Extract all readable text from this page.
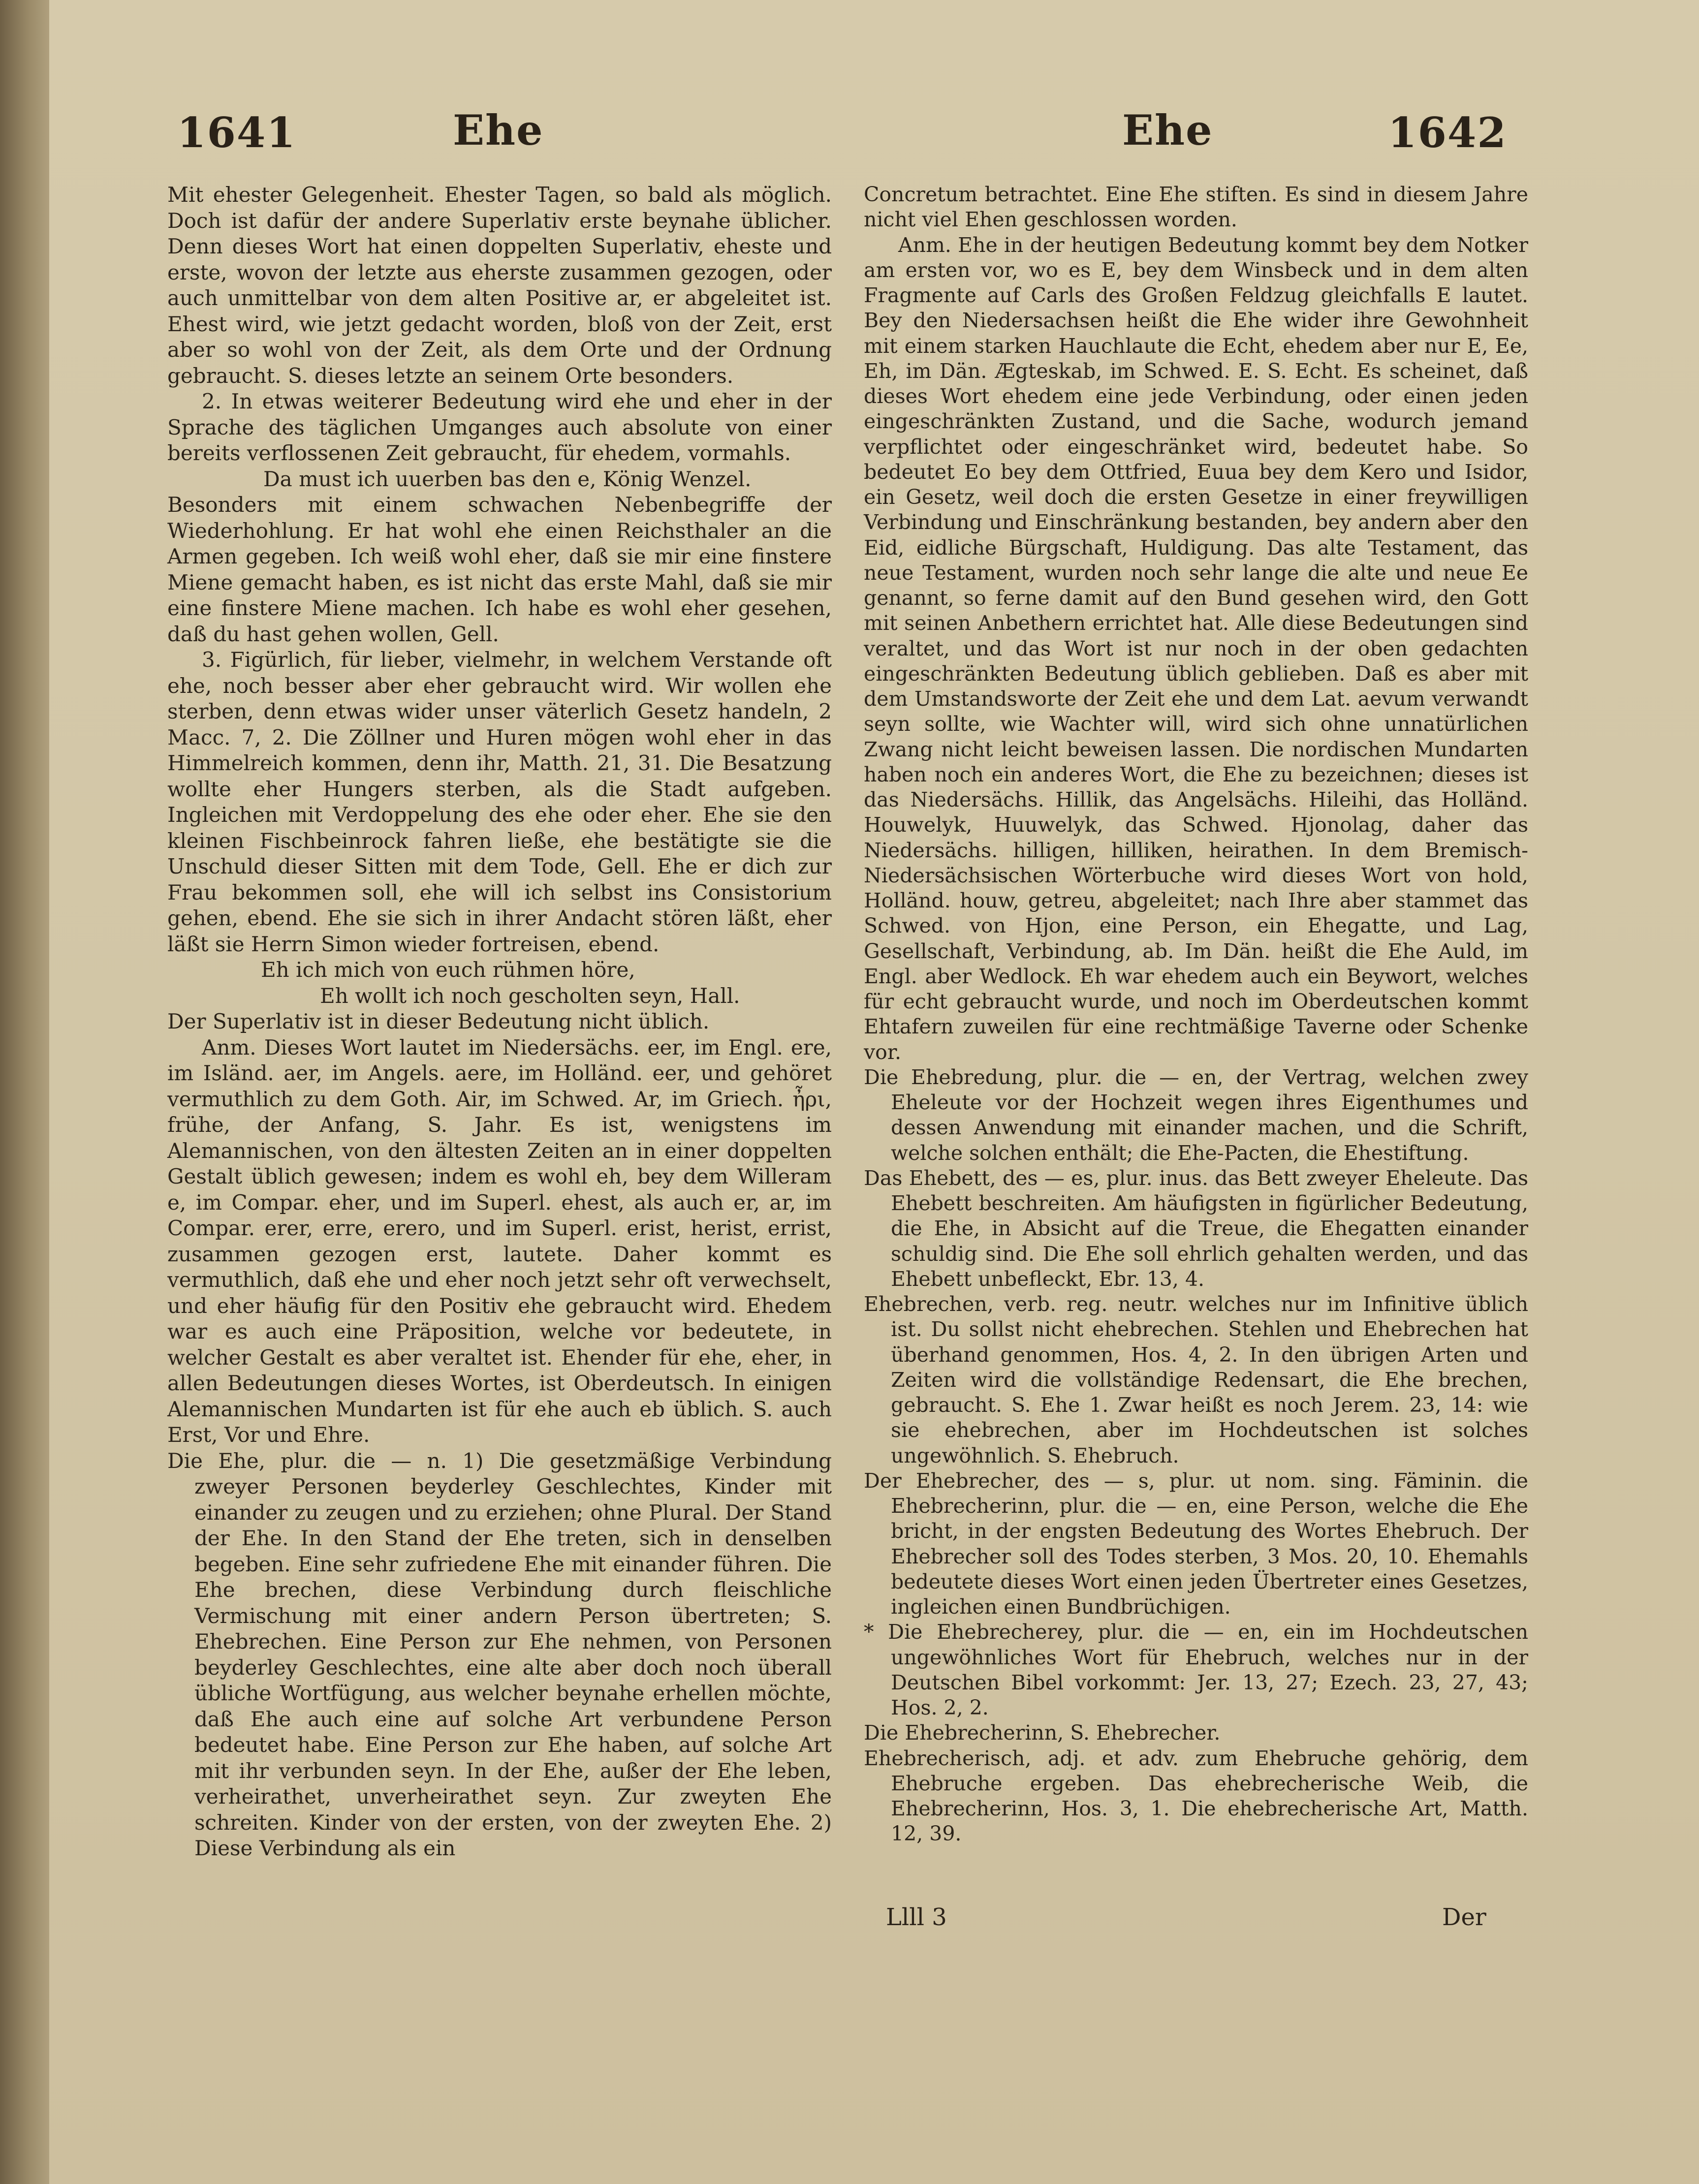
1641	Ehe	Ehe	1642

Mit ehester Gelegenheit. Ehester Tagen, so bald als möglich. Doch ist dafür der andere Superlativ erste beynahe üblicher. Denn dieses Wort hat einen doppelten Superlativ, eheste und erste, wovon der letzte aus eherste zusammen gezogen, oder auch unmittelbar von dem alten Positive ar, er abgeleitet ist. Ehest wird, wie jetzt gedacht worden, bloß von der Zeit, erst aber so wohl von der Zeit, als dem Orte und der Ordnung gebraucht. S. dieses letzte an seinem Orte besonders.

2. In etwas weiterer Bedeutung wird ehe und eher in der Sprache des täglichen Umganges auch absolute von einer bereits verflossenen Zeit gebraucht, für ehedem, vormahls.

Da must ich uuerben bas den e, König Wenzel.

Besonders mit einem schwachen Nebenbegriffe der Wiederhohlung. Er hat wohl ehe einen Reichsthaler an die Armen gegeben. Ich weiß wohl eher, daß sie mir eine finstere Miene gemacht haben, es ist nicht das erste Mahl, daß sie mir eine finstere Miene machen. Ich habe es wohl eher gesehen, daß du hast gehen wollen, Gell.

3. Figürlich, für lieber, vielmehr, in welchem Verstande oft ehe, noch besser aber eher gebraucht wird. Wir wollen ehe sterben, denn etwas wider unser väterlich Gesetz handeln, 2 Macc. 7, 2. Die Zöllner und Huren mögen wohl eher in das Himmelreich kommen, denn ihr, Matth. 21, 31. Die Besatzung wollte eher Hungers sterben, als die Stadt aufgeben. Ingleichen mit Verdoppelung des ehe oder eher. Ehe sie den kleinen Fischbeinrock fahren ließe, ehe bestätigte sie die Unschuld dieser Sitten mit dem Tode, Gell. Ehe er dich zur Frau bekommen soll, ehe will ich selbst ins Consistorium gehen, ebend. Ehe sie sich in ihrer Andacht stören läßt, eher läßt sie Herrn Simon wieder fortreisen, ebend.

Eh ich mich von euch rühmen höre,

Eh wollt ich noch gescholten seyn, Hall.

Der Superlativ ist in dieser Bedeutung nicht üblich.

Anm. Dieses Wort lautet im Niedersächs. eer, im Engl. ere, im Isländ. aer, im Angels. aere, im Holländ. eer, und gehöret vermuthlich zu dem Goth. Air, im Schwed. Ar, im Griech. ἦρι, frühe, der Anfang, S. Jahr. Es ist, wenigstens im Alemannischen, von den ältesten Zeiten an in einer doppelten Gestalt üblich gewesen; indem es wohl eh, bey dem Willeram e, im Compar. eher, und im Superl. ehest, als auch er, ar, im Compar. erer, erre, erero, und im Superl. erist, herist, errist, zusammen gezogen erst, lautete. Daher kommt es vermuthlich, daß ehe und eher noch jetzt sehr oft verwechselt, und eher häufig für den Positiv ehe gebraucht wird. Ehedem war es auch eine Präposition, welche vor bedeutete, in welcher Gestalt es aber veraltet ist. Ehender für ehe, eher, in allen Bedeutungen dieses Wortes, ist Oberdeutsch. In einigen Alemannischen Mundarten ist für ehe auch eb üblich. S. auch Erst, Vor und Ehre.

Die Ehe, plur. die — n. 1) Die gesetzmäßige Verbindung zweyer Personen beyderley Geschlechtes, Kinder mit einander zu zeugen und zu erziehen; ohne Plural. Der Stand der Ehe. In den Stand der Ehe treten, sich in denselben begeben. Eine sehr zufriedene Ehe mit einander führen. Die Ehe brechen, diese Verbindung durch fleischliche Vermischung mit einer andern Person übertreten; S. Ehebrechen. Eine Person zur Ehe nehmen, von Personen beyderley Geschlechtes, eine alte aber doch noch überall übliche Wortfügung, aus welcher beynahe erhellen möchte, daß Ehe auch eine auf solche Art verbundene Person bedeutet habe. Eine Person zur Ehe haben, auf solche Art mit ihr verbunden seyn. In der Ehe, außer der Ehe leben, verheirathet, unverheirathet seyn. Zur zweyten Ehe schreiten. Kinder von der ersten, von der zweyten Ehe. 2) Diese Verbindung als ein

Concretum betrachtet. Eine Ehe stiften. Es sind in diesem Jahre nicht viel Ehen geschlossen worden.

Anm. Ehe in der heutigen Bedeutung kommt bey dem Notker am ersten vor, wo es E, bey dem Winsbeck und in dem alten Fragmente auf Carls des Großen Feldzug gleichfalls E lautet. Bey den Niedersachsen heißt die Ehe wider ihre Gewohnheit mit einem starken Hauchlaute die Echt, ehedem aber nur E, Ee, Eh, im Dän. Ægteskab, im Schwed. E. S. Echt. Es scheinet, daß dieses Wort ehedem eine jede Verbindung, oder einen jeden eingeschränkten Zustand, und die Sache, wodurch jemand verpflichtet oder eingeschränket wird, bedeutet habe. So bedeutet Eo bey dem Ottfried, Euua bey dem Kero und Isidor, ein Gesetz, weil doch die ersten Gesetze in einer freywilligen Verbindung und Einschränkung bestanden, bey andern aber den Eid, eidliche Bürgschaft, Huldigung. Das alte Testament, das neue Testament, wurden noch sehr lange die alte und neue Ee genannt, so ferne damit auf den Bund gesehen wird, den Gott mit seinen Anbethern errichtet hat. Alle diese Bedeutungen sind veraltet, und das Wort ist nur noch in der oben gedachten eingeschränkten Bedeutung üblich geblieben. Daß es aber mit dem Umstandsworte der Zeit ehe und dem Lat. aevum verwandt seyn sollte, wie Wachter will, wird sich ohne unnatürlichen Zwang nicht leicht beweisen lassen. Die nordischen Mundarten haben noch ein anderes Wort, die Ehe zu bezeichnen; dieses ist das Niedersächs. Hillik, das Angelsächs. Hileihi, das Holländ. Houwelyk, Huuwelyk, das Schwed. Hjonolag, daher das Niedersächs. hilligen, hilliken, heirathen. In dem Bremisch-Niedersächsischen Wörterbuche wird dieses Wort von hold, Holländ. houw, getreu, abgeleitet; nach Ihre aber stammet das Schwed. von Hjon, eine Person, ein Ehegatte, und Lag, Gesellschaft, Verbindung, ab. Im Dän. heißt die Ehe Auld, im Engl. aber Wedlock. Eh war ehedem auch ein Beywort, welches für echt gebraucht wurde, und noch im Oberdeutschen kommt Ehtafern zuweilen für eine rechtmäßige Taverne oder Schenke vor.

Die Ehebredung, plur. die — en, der Vertrag, welchen zwey Eheleute vor der Hochzeit wegen ihres Eigenthumes und dessen Anwendung mit einander machen, und die Schrift, welche solchen enthält; die Ehe-Pacten, die Ehestiftung.

Das Ehebett, des — es, plur. inus. das Bett zweyer Eheleute. Das Ehebett beschreiten. Am häufigsten in figürlicher Bedeutung, die Ehe, in Absicht auf die Treue, die Ehegatten einander schuldig sind. Die Ehe soll ehrlich gehalten werden, und das Ehebett unbefleckt, Ebr. 13, 4.

Ehebrechen, verb. reg. neutr. welches nur im Infinitive üblich ist. Du sollst nicht ehebrechen. Stehlen und Ehebrechen hat überhand genommen, Hos. 4, 2. In den übrigen Arten und Zeiten wird die vollständige Redensart, die Ehe brechen, gebraucht. S. Ehe 1. Zwar heißt es noch Jerem. 23, 14: wie sie ehebrechen, aber im Hochdeutschen ist solches ungewöhnlich. S. Ehebruch.

Der Ehebrecher, des — s, plur. ut nom. sing. Fäminin. die Ehebrecherinn, plur. die — en, eine Person, welche die Ehe bricht, in der engsten Bedeutung des Wortes Ehebruch. Der Ehebrecher soll des Todes sterben, 3 Mos. 20, 10. Ehemahls bedeutete dieses Wort einen jeden Übertreter eines Gesetzes, ingleichen einen Bundbrüchigen.

* Die Ehebrecherey, plur. die — en, ein im Hochdeutschen ungewöhnliches Wort für Ehebruch, welches nur in der Deutschen Bibel vorkommt: Jer. 13, 27; Ezech. 23, 27, 43; Hos. 2, 2.

Die Ehebrecherinn, S. Ehebrecher.

Ehebrecherisch, adj. et adv. zum Ehebruche gehörig, dem Ehebruche ergeben. Das ehebrecherische Weib, die Ehebrecherinn, Hos. 3, 1. Die ehebrecherische Art, Matth. 12, 39.

Llll 3	Der
